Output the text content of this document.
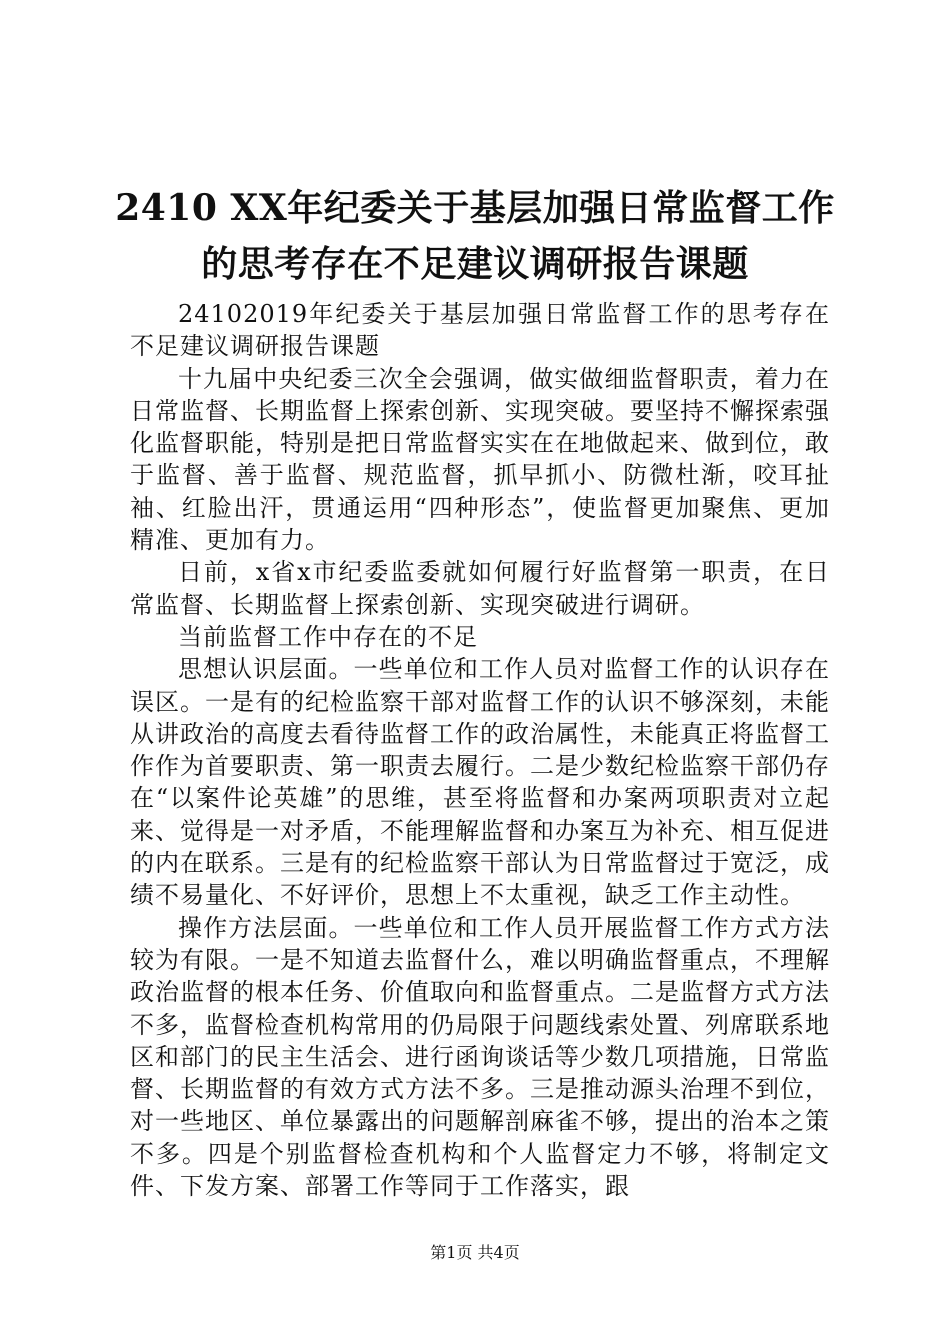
2410 XX年纪委关于基层加强日常监督工作
的思考存在不足建议调研报告课题

24102019年纪委关于基层加强日常监督工作的思考存在不足建议调研报告课题

十九届中央纪委三次全会强调，做实做细监督职责，着力在日常监督、长期监督上探索创新、实现突破。要坚持不懈探索强化监督职能，特别是把日常监督实实在在地做起来、做到位，敢于监督、善于监督、规范监督，抓早抓小、防微杜渐，咬耳扯袖、红脸出汗，贯通运用“四种形态”，使监督更加聚焦、更加精准、更加有力。

日前，x省x市纪委监委就如何履行好监督第一职责，在日常监督、长期监督上探索创新、实现突破进行调研。

当前监督工作中存在的不足

思想认识层面。一些单位和工作人员对监督工作的认识存在误区。一是有的纪检监察干部对监督工作的认识不够深刻，未能从讲政治的高度去看待监督工作的政治属性，未能真正将监督工作作为首要职责、第一职责去履行。二是少数纪检监察干部仍存在“以案件论英雄”的思维，甚至将监督和办案两项职责对立起来、觉得是一对矛盾，不能理解监督和办案互为补充、相互促进的内在联系。三是有的纪检监察干部认为日常监督过于宽泛，成绩不易量化、不好评价，思想上不太重视，缺乏工作主动性。

操作方法层面。一些单位和工作人员开展监督工作方式方法较为有限。一是不知道去监督什么，难以明确监督重点，不理解政治监督的根本任务、价值取向和监督重点。二是监督方式方法不多，监督检查机构常用的仍局限于问题线索处置、列席联系地区和部门的民主生活会、进行函询谈话等少数几项措施，日常监督、长期监督的有效方式方法不多。三是推动源头治理不到位，对一些地区、单位暴露出的问题解剖麻雀不够，提出的治本之策不多。四是个别监督检查机构和个人监督定力不够，将制定文件、下发方案、部署工作等同于工作落实，跟

第1页 共4页
